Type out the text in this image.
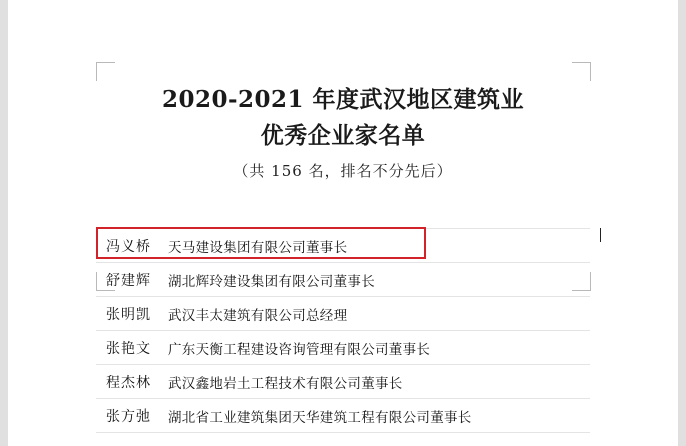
2020-2021 年度武汉地区建筑业
优秀企业家名单
（共 156 名，排名不分先后）
冯义桥	天马建设集团有限公司董事长
舒建辉	湖北辉玲建设集团有限公司董事长
张明凯	武汉丰太建筑有限公司总经理
张艳文	广东天衡工程建设咨询管理有限公司董事长
程杰林	武汉鑫地岩土工程技术有限公司董事长
张方弛	湖北省工业建筑集团天华建筑工程有限公司董事长
